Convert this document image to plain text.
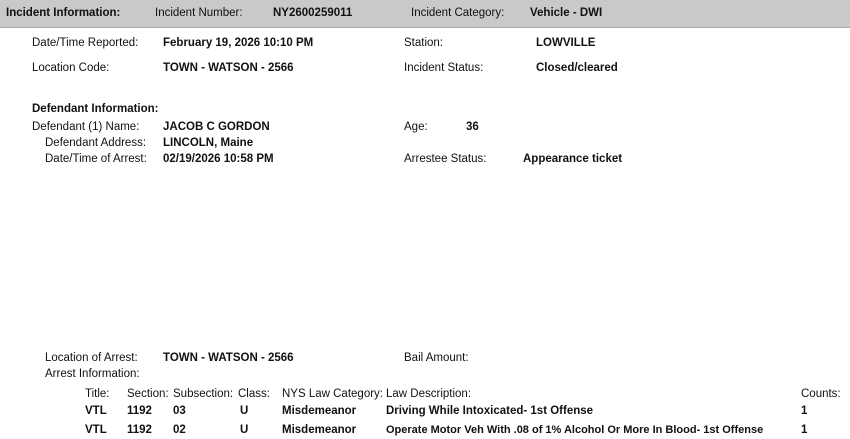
Incident Information:	Incident Number:	NY2600259011	Incident Category: Vehicle - DWI
Date/Time Reported: February 19, 2026 10:10 PM	Station:	LOWVILLE
Location Code:	TOWN - WATSON - 2566	Incident Status:	Closed/cleared
Defendant Information:
Defendant (1) Name: JACOB C GORDON	Age:	36
Defendant Address: LINCOLN, Maine
Date/Time of Arrest: 02/19/2026 10:58 PM	Arrestee Status:	Appearance ticket
Location of Arrest: TOWN - WATSON - 2566	Bail Amount:
Arrest Information:
Title: Section: Subsection: Class: NYS Law Category: Law Description:	Counts:
VTL 1192 03	U	Misdemeanor	Driving While Intoxicated- 1st Offense	1
VTL 1192 02	U	Misdemeanor	Operate Motor Veh With .08 of 1% Alcohol Or More In Blood- 1st Offense	1
